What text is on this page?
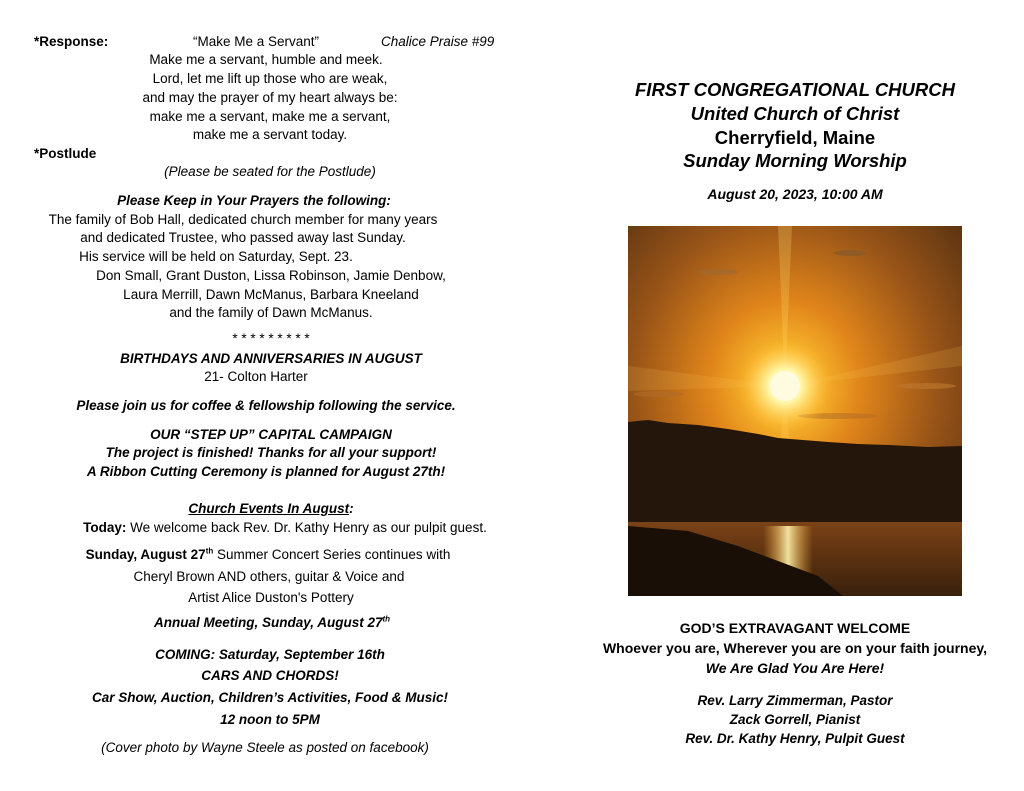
*Response:	“Make Me a Servant”	Chalice Praise #99
Make me a servant, humble and meek.
Lord, let me lift up those who are weak,
and may the prayer of my heart always be:
make me a servant, make me a servant,
make me a servant today.
*Postlude
(Please be seated for the Postlude)
Please Keep in Your Prayers the following:
The family of Bob Hall, dedicated church member for many years
and dedicated Trustee, who passed away last Sunday.
His service will be held on Saturday, Sept. 23.
Don Small, Grant Duston, Lissa Robinson, Jamie Denbow,
Laura Merrill, Dawn McManus, Barbara Kneeland
and the family of Dawn McManus.
* * * * * * * * *
BIRTHDAYS AND ANNIVERSARIES IN AUGUST
21- Colton Harter
Please join us for coffee & fellowship following the service.
OUR “STEP UP” CAPITAL CAMPAIGN
The project is finished! Thanks for all your support!
A Ribbon Cutting Ceremony is planned for August 27th!
Church Events In August:
Today: We welcome back Rev. Dr. Kathy Henry as our pulpit guest.
Sunday, August 27th Summer Concert Series continues with
Cheryl Brown AND others, guitar & Voice and
Artist Alice Duston's Pottery
Annual Meeting, Sunday, August 27th
COMING: Saturday, September 16th
CARS AND CHORDS!
Car Show, Auction, Children’s Activities, Food & Music!
12 noon to 5PM
(Cover photo by Wayne Steele as posted on facebook)
FIRST CONGREGATIONAL CHURCH
United Church of Christ
Cherryfield, Maine
Sunday Morning Worship
August 20, 2023, 10:00 AM
GOD’S EXTRAVAGANT WELCOME
Whoever you are, Wherever you are on your faith journey,
We Are Glad You Are Here!
Rev. Larry Zimmerman, Pastor
Zack Gorrell, Pianist
Rev. Dr. Kathy Henry, Pulpit Guest
